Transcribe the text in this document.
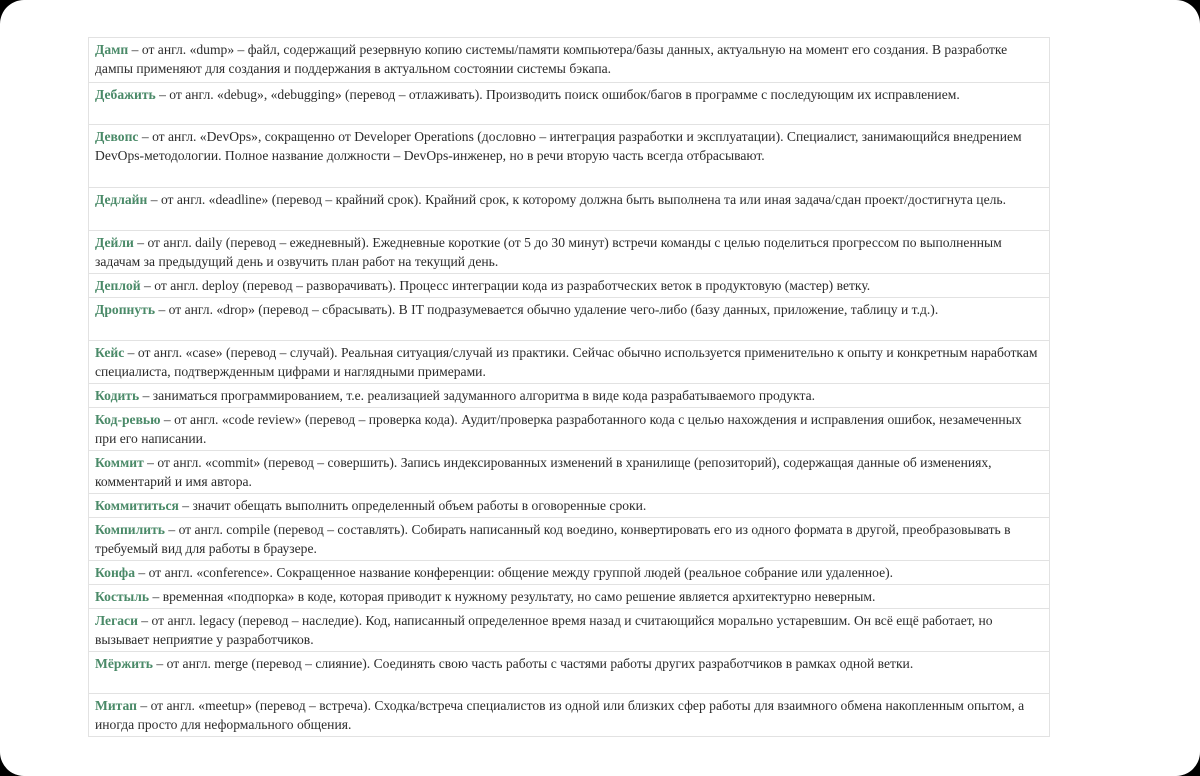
Дамп – от англ. «dump» – файл, содержащий резервную копию системы/памяти компьютера/базы данных, актуальную на момент его создания. В разработке дампы применяют для создания и поддержания в актуальном состоянии системы бэкапа.
Дебажить – от англ. «debug», «debugging» (перевод – отлаживать). Производить поиск ошибок/багов в программе с последующим их исправлением.
Девопс – от англ. «DevOps», сокращенно от Developer Operations (дословно – интеграция разработки и эксплуатации). Специалист, занимающийся внедрением DevOps-методологии. Полное название должности – DevOps-инженер, но в речи вторую часть всегда отбрасывают.
Дедлайн – от англ. «deadline» (перевод – крайний срок). Крайний срок, к которому должна быть выполнена та или иная задача/сдан проект/достигнута цель.
Дейли – от англ. daily (перевод – ежедневный). Ежедневные короткие (от 5 до 30 минут) встречи команды с целью поделиться прогрессом по выполненным задачам за предыдущий день и озвучить план работ на текущий день.
Деплой – от англ. deploy (перевод – разворачивать). Процесс интеграции кода из разработческих веток в продуктовую (мастер) ветку.
Дропнуть – от англ. «drop» (перевод – сбрасывать). В IT подразумевается обычно удаление чего-либо (базу данных, приложение, таблицу и т.д.).
Кейс – от англ. «case» (перевод – случай). Реальная ситуация/случай из практики. Сейчас обычно используется применительно к опыту и конкретным наработкам специалиста, подтвержденным цифрами и наглядными примерами.
Кодить – заниматься программированием, т.е. реализацией задуманного алгоритма в виде кода разрабатываемого продукта.
Код-ревью – от англ. «code review» (перевод – проверка кода). Аудит/проверка разработанного кода с целью нахождения и исправления ошибок, незамеченных при его написании.
Коммит – от англ. «commit» (перевод – совершить). Запись индексированных изменений в хранилище (репозиторий), содержащая данные об изменениях, комментарий и имя автора.
Коммититься – значит обещать выполнить определенный объем работы в оговоренные сроки.
Компилить – от англ. compile (перевод – составлять). Собирать написанный код воедино, конвертировать его из одного формата в другой, преобразовывать в требуемый вид для работы в браузере.
Конфа – от англ. «conference». Сокращенное название конференции: общение между группой людей (реальное собрание или удаленное).
Костыль – временная «подпорка» в коде, которая приводит к нужному результату, но само решение является архитектурно неверным.
Легаси – от англ. legacy (перевод – наследие). Код, написанный определенное время назад и считающийся морально устаревшим. Он всё ещё работает, но вызывает неприятие у разработчиков.
Мёржить – от англ. merge (перевод – слияние). Соединять свою часть работы с частями работы других разработчиков в рамках одной ветки.
Митап – от англ. «meetup» (перевод – встреча). Сходка/встреча специалистов из одной или близких сфер работы для взаимного обмена накопленным опытом, а иногда просто для неформального общения.
